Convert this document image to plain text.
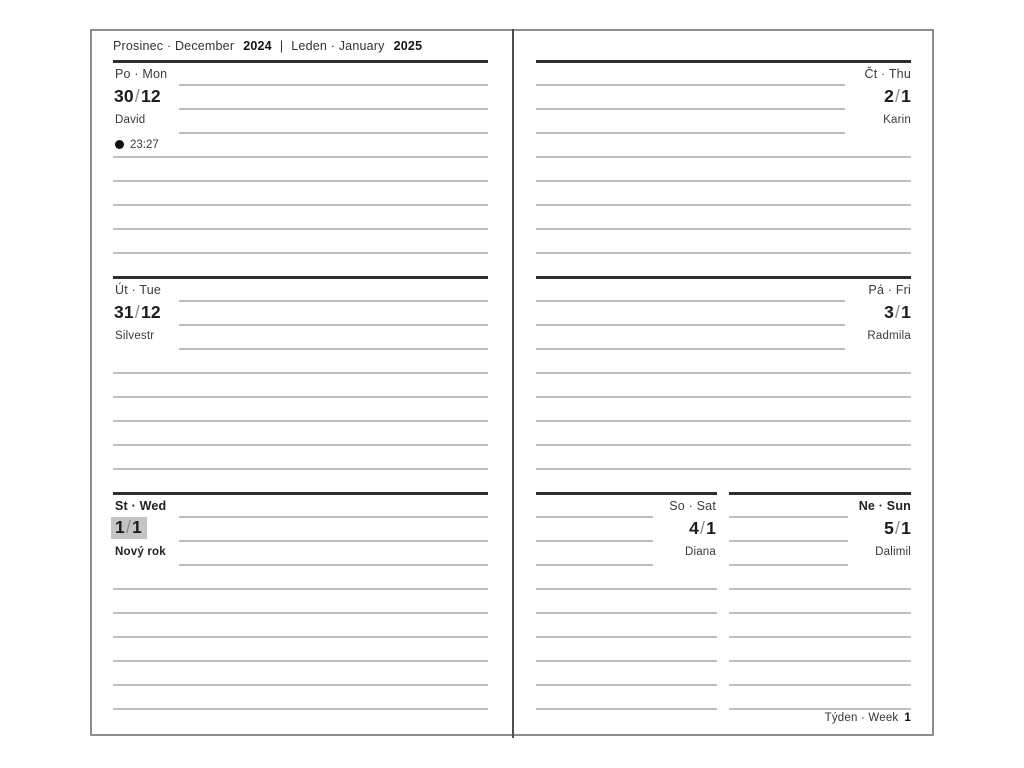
Prosinec · December 2024 | Leden · January 2025
Po · Mon
30/12
David
23:27
Út · Tue
31/12
Silvestr
St · Wed
1/1
Nový rok
Čt · Thu
2/1
Karin
Pá · Fri
3/1
Radmila
So · Sat
4/1
Diana
Ne · Sun
5/1
Dalimil
Týden · Week 1
